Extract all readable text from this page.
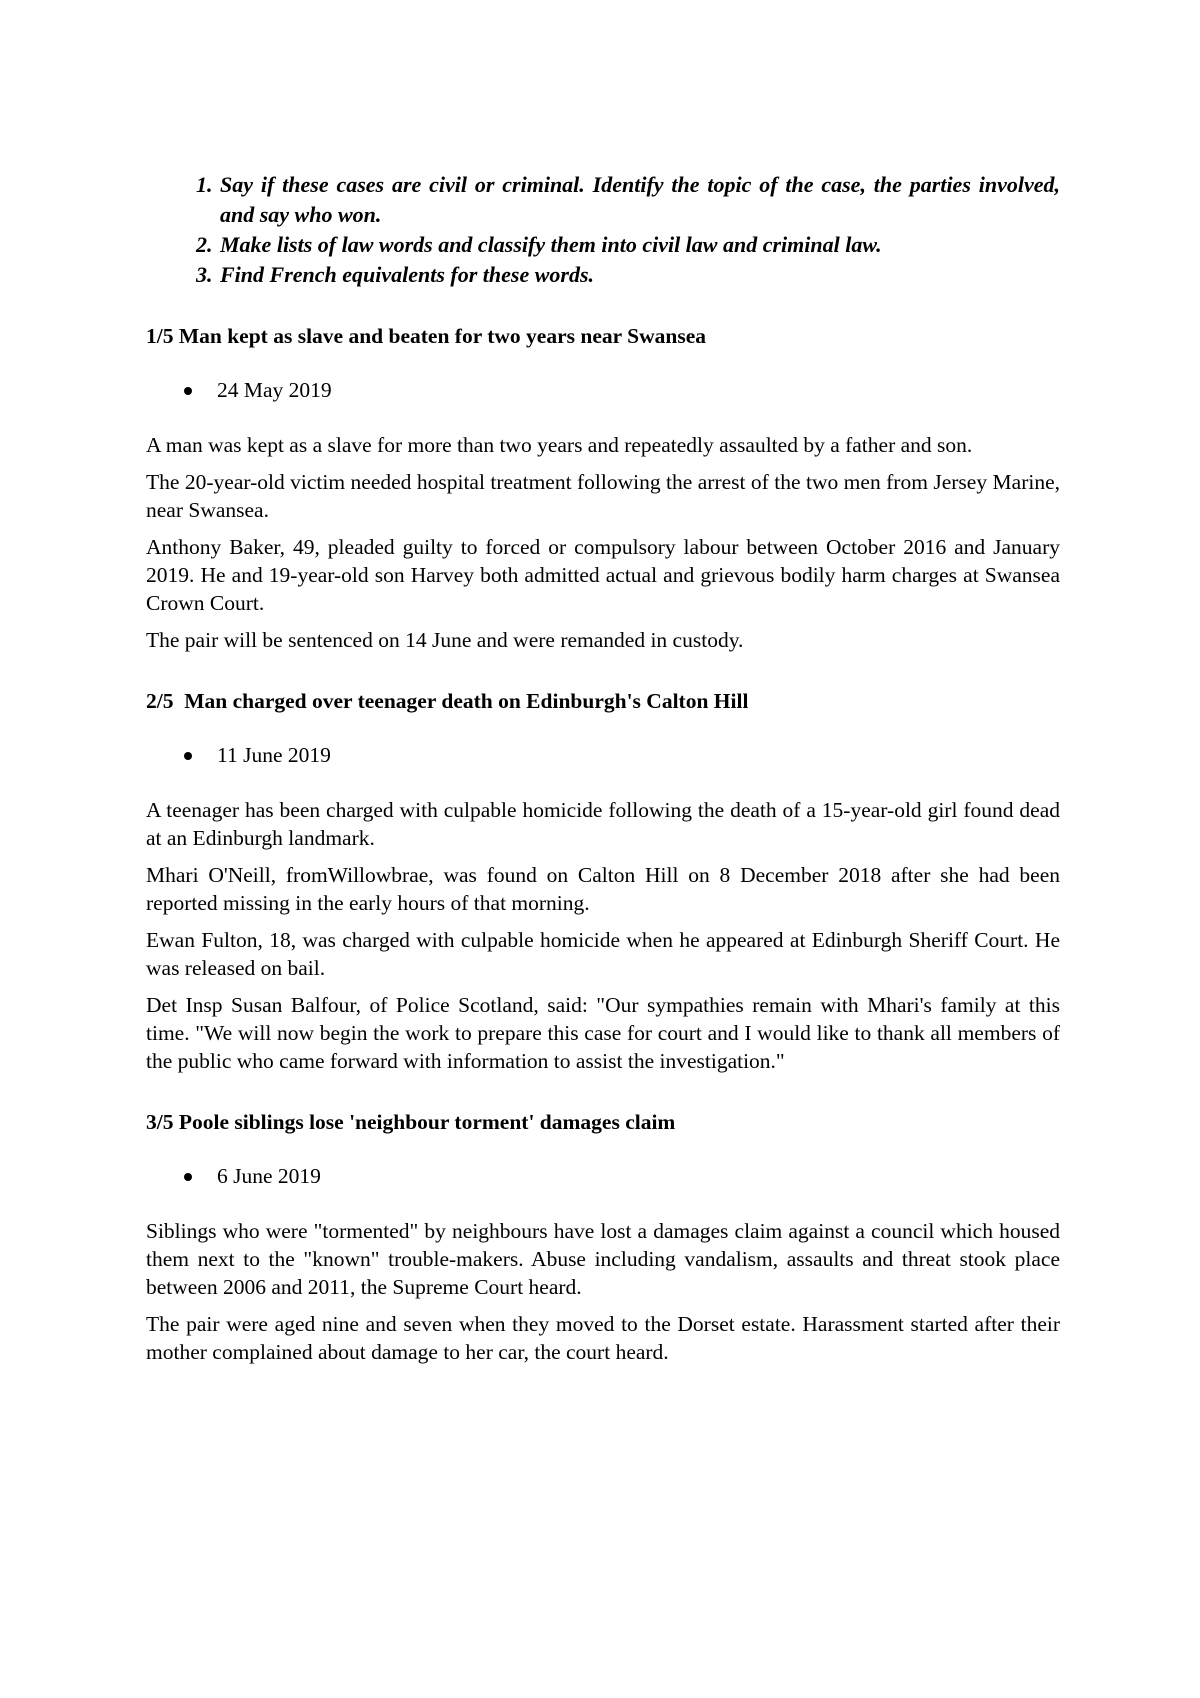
1. Say if these cases are civil or criminal. Identify the topic of the case, the parties involved, and say who won.
2. Make lists of law words and classify them into civil law and criminal law.
3. Find French equivalents for these words.

1/5 Man kept as slave and beaten for two years near Swansea

24 May 2019

A man was kept as a slave for more than two years and repeatedly assaulted by a father and son.

The 20-year-old victim needed hospital treatment following the arrest of the two men from Jersey Marine, near Swansea.

Anthony Baker, 49, pleaded guilty to forced or compulsory labour between October 2016 and January 2019. He and 19-year-old son Harvey both admitted actual and grievous bodily harm charges at Swansea Crown Court.

The pair will be sentenced on 14 June and were remanded in custody.

2/5  Man charged over teenager death on Edinburgh's Calton Hill

11 June 2019

A teenager has been charged with culpable homicide following the death of a 15-year-old girl found dead at an Edinburgh landmark.

Mhari O'Neill, fromWillowbrae, was found on Calton Hill on 8 December 2018 after she had been reported missing in the early hours of that morning.

Ewan Fulton, 18, was charged with culpable homicide when he appeared at Edinburgh Sheriff Court. He was released on bail.

Det Insp Susan Balfour, of Police Scotland, said: "Our sympathies remain with Mhari's family at this time. "We will now begin the work to prepare this case for court and I would like to thank all members of the public who came forward with information to assist the investigation."

3/5 Poole siblings lose 'neighbour torment' damages claim

6 June 2019

Siblings who were "tormented" by neighbours have lost a damages claim against a council which housed them next to the "known" trouble-makers. Abuse including vandalism, assaults and threat stook place between 2006 and 2011, the Supreme Court heard.

The pair were aged nine and seven when they moved to the Dorset estate. Harassment started after their mother complained about damage to her car, the court heard.
